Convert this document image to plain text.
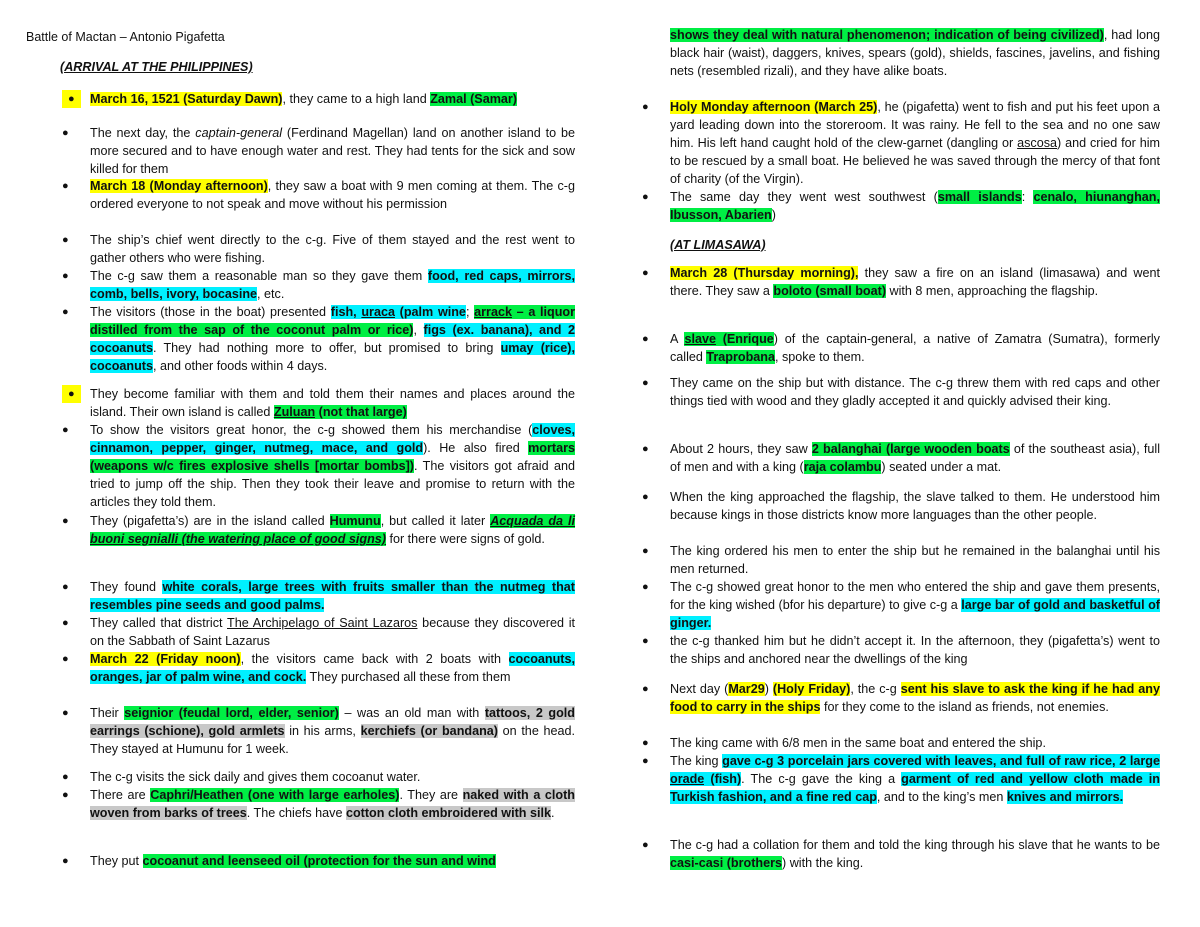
Battle of Mactan – Antonio Pigafetta
(ARRIVAL AT THE PHILIPPINES)
●	March 16, 1521 (Saturday Dawn), they came to a high land Zamal (Samar)
● The next day, the captain-general (Ferdinand Magellan) land on another island to be more secured and to have enough water and rest. They had tents for the sick and sow killed for them
● March 18 (Monday afternoon), they saw a boat with 9 men coming at them. The c-g ordered everyone to not speak and move without his permission
● The ship’s chief went directly to the c-g. Five of them stayed and the rest went to gather others who were fishing.
● The c-g saw them a reasonable man so they gave them food, red caps, mirrors, comb, bells, ivory, bocasine, etc.
● The visitors (those in the boat) presented fish, uraca (palm wine; arrack – a liquor distilled from the sap of the coconut palm or rice), figs (ex. banana), and 2 cocoanuts. They had nothing more to offer, but promised to bring umay (rice), cocoanuts, and other foods within 4 days.
●	They become familiar with them and told them their names and places around the island. Their own island is called Zuluan (not that large)
● To show the visitors great honor, the c-g showed them his merchandise (cloves, cinnamon, pepper, ginger, nutmeg, mace, and gold). He also fired mortars (weapons w/c fires explosive shells [mortar bombs]). The visitors got afraid and tried to jump off the ship. Then they took their leave and promise to return with the articles they told them.
● They (pigafetta’s) are in the island called Humunu, but called it later Acquada da li buoni segnialli (the watering place of good signs) for there were signs of gold.
● They found white corals, large trees with fruits smaller than the nutmeg that resembles pine seeds and good palms.
● They called that district The Archipelago of Saint Lazaros because they discovered it on the Sabbath of Saint Lazarus
● March 22 (Friday noon), the visitors came back with 2 boats with cocoanuts, oranges, jar of palm wine, and cock. They purchased all these from them
● Their seignior (feudal lord, elder, senior) – was an old man with tattoos, 2 gold earrings (schione), gold armlets in his arms, kerchiefs (or bandana) on the head. They stayed at Humunu for 1 week.
● The c-g visits the sick daily and gives them cocoanut water.
● There are Caphri/Heathen (one with large earholes). They are naked with a cloth woven from barks of trees. The chiefs have cotton cloth embroidered with silk.
● They put cocoanut and leenseed oil (protection for the sun and wind
(AT LIMASAWA)
shows they deal with natural phenomenon; indication of being civilized), had long black hair (waist), daggers, knives, spears (gold), shields, fascines, javelins, and fishing nets (resembled rizali), and they have alike boats.
● Holy Monday afternoon (March 25), he (pigafetta) went to fish and put his feet upon a yard leading down into the storeroom. It was rainy. He fell to the sea and no one saw him. His left hand caught hold of the clew-garnet (dangling or ascosa) and cried for him to be rescued by a small boat. He believed he was saved through the mercy of that font of charity (of the Virgin).
● The same day they went west southwest (small islands: cenalo, hiunanghan, Ibusson, Abarien)
● March 28 (Thursday morning), they saw a fire on an island (limasawa) and went there. They saw a boloto (small boat) with 8 men, approaching the flagship.
● A slave (Enrique) of the captain-general, a native of Zamatra (Sumatra), formerly called Traprobana, spoke to them.
● They came on the ship but with distance. The c-g threw them with red caps and other things tied with wood and they gladly accepted it and quickly advised their king.
● About 2 hours, they saw 2 balanghai (large wooden boats of the southeast asia), full of men and with a king (raja colambu) seated under a mat.
● When the king approached the flagship, the slave talked to them. He understood him because kings in those districts know more languages than the other people.
● The king ordered his men to enter the ship but he remained in the balanghai until his men returned.
● The c-g showed great honor to the men who entered the ship and gave them presents, for the king wished (bfor his departure) to give c-g a large bar of gold and basketful of ginger.
● the c-g thanked him but he didn’t accept it. In the afternoon, they (pigafetta’s) went to the ships and anchored near the dwellings of the king
● Next day (Mar29) (Holy Friday), the c-g sent his slave to ask the king if he had any food to carry in the ships for they come to the island as friends, not enemies.
● The king came with 6/8 men in the same boat and entered the ship.
● The king gave c-g 3 porcelain jars covered with leaves, and full of raw rice, 2 large orade (fish). The c-g gave the king a garment of red and yellow cloth made in Turkish fashion, and a fine red cap, and to the king’s men knives and mirrors.
● The c-g had a collation for them and told the king through his slave that he wants to be casi-casi (brothers) with the king.
